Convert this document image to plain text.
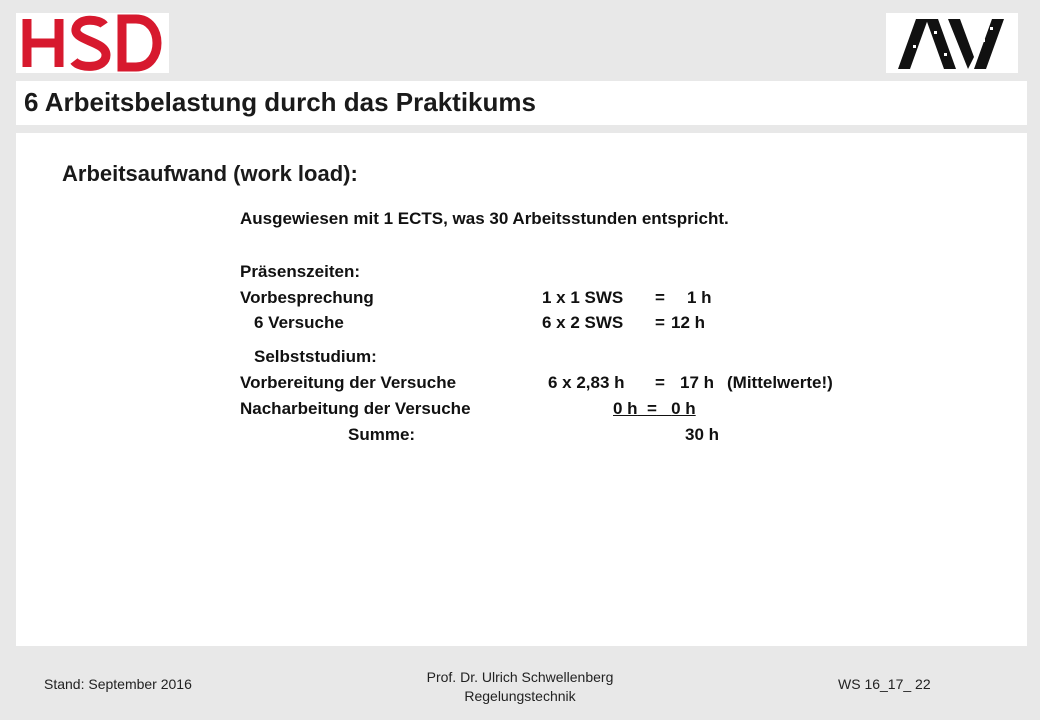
6 Arbeitsbelastung durch das Praktikums
Arbeitsaufwand (work load):
Ausgewiesen mit 1 ECTS, was 30 Arbeitsstunden entspricht.
Präsenszeiten:
Vorbesprechung	1 x 1 SWS = 1 h
6 Versuche	6 x 2 SWS = 12 h
Selbststudium:
Vorbereitung der Versuche	6 x 2,83 h = 17 h (Mittelwerte!)
Nacharbeitung der Versuche	0 h = 0 h
Summe:	30 h
Stand: September 2016	Prof. Dr. Ulrich Schwellenberg
Regelungstechnik
WS 16_17_ 22
